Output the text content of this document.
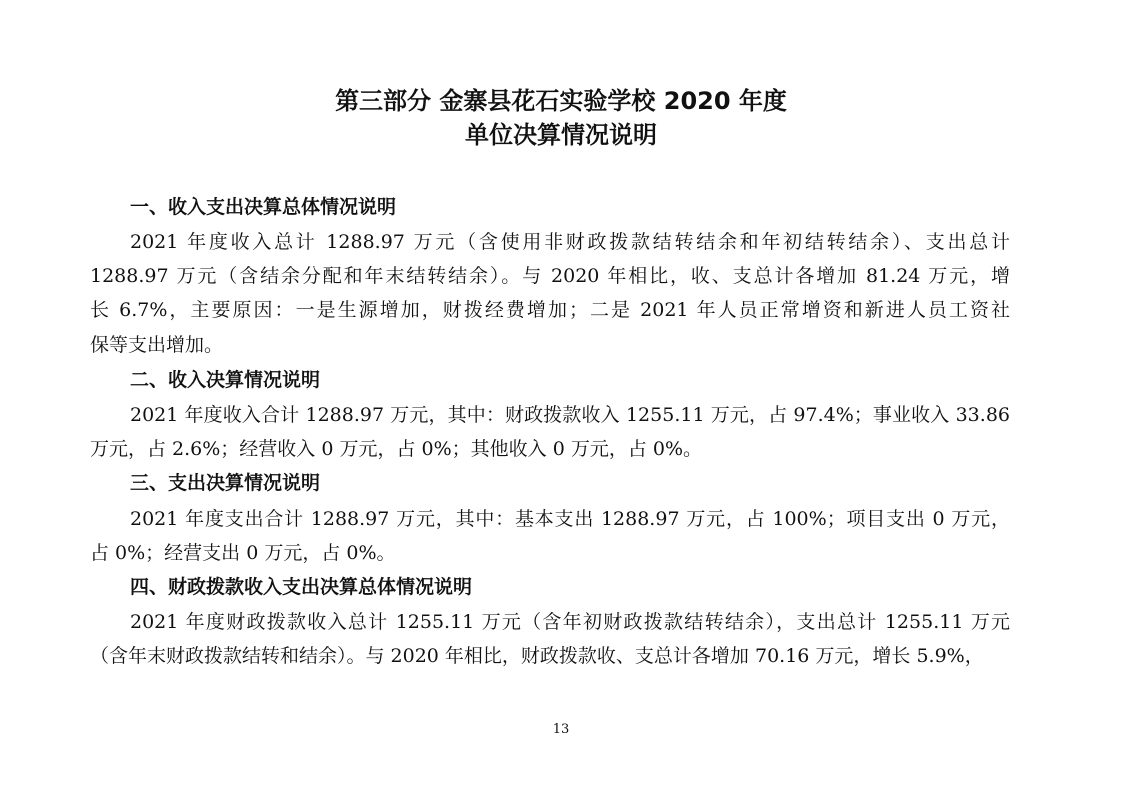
第三部分 金寨县花石实验学校 2020 年度
单位决算情况说明
一、收入支出决算总体情况说明
2021 年度收入总计 1288.97 万元（含使用非财政拨款结转结余和年初结转结余）、支出总计
1288.97 万元（含结余分配和年末结转结余）。与 2020 年相比，收、支总计各增加 81.24 万元，增
长 6.7%，主要原因：一是生源增加，财拨经费增加；二是 2021 年人员正常增资和新进人员工资社
保等支出增加。
二、收入决算情况说明
2021 年度收入合计 1288.97 万元，其中：财政拨款收入 1255.11 万元，占 97.4%；事业收入 33.86
万元，占 2.6%；经营收入 0 万元，占 0%；其他收入 0 万元，占 0%。
三、支出决算情况说明
2021 年度支出合计 1288.97 万元，其中：基本支出 1288.97 万元，占 100%；项目支出 0 万元，
占 0%；经营支出 0 万元，占 0%。
四、财政拨款收入支出决算总体情况说明
2021 年度财政拨款收入总计 1255.11 万元（含年初财政拨款结转结余），支出总计 1255.11 万元
（含年末财政拨款结转和结余）。与 2020 年相比，财政拨款收、支总计各增加 70.16 万元，增长 5.9%，
13
